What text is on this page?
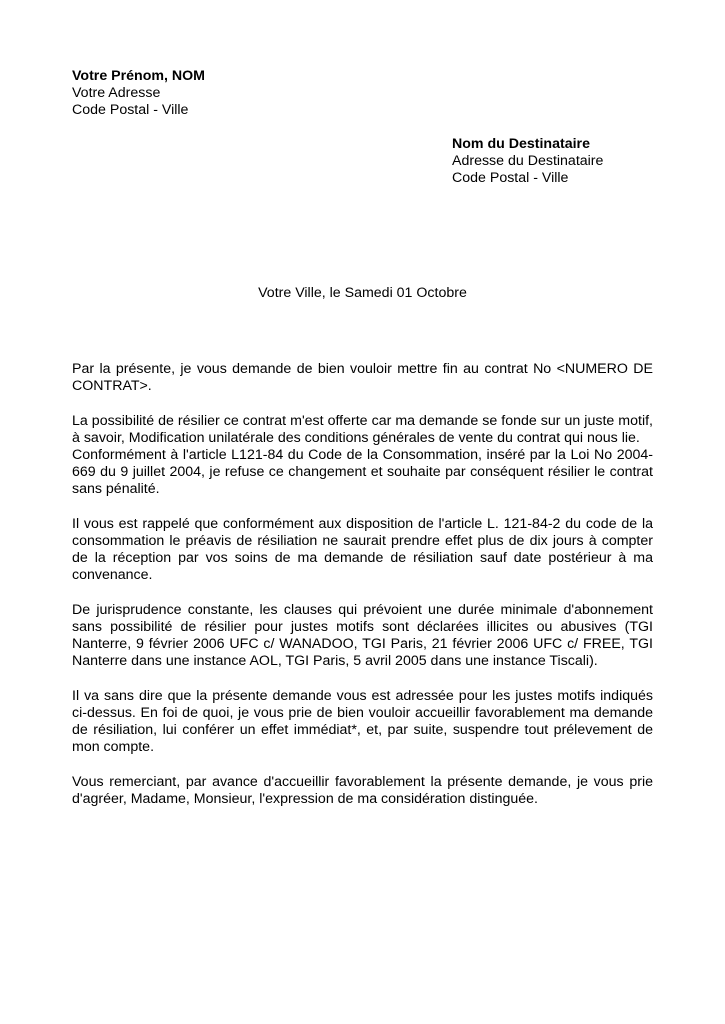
Votre Prénom, NOM
Votre Adresse
Code Postal - Ville
Nom du Destinataire
Adresse du Destinataire
Code Postal - Ville
Votre Ville, le Samedi 01 Octobre

Par la présente, je vous demande de bien vouloir mettre fin au contrat No <NUMERO DE CONTRAT>.

La possibilité de résilier ce contrat m'est offerte car ma demande se fonde sur un juste motif, à savoir, Modification unilatérale des conditions générales de vente du contrat qui nous lie.

Conformément à l'article L121-84 du Code de la Consommation, inséré par la Loi No 2004-669 du 9 juillet 2004, je refuse ce changement et souhaite par conséquent résilier le contrat sans pénalité.

Il vous est rappelé que conformément aux disposition de l'article L. 121-84-2 du code de la consommation le préavis de résiliation ne saurait prendre effet plus de dix jours à compter de la réception par vos soins de ma demande de résiliation sauf date postérieur à ma convenance.

De jurisprudence constante, les clauses qui prévoient une durée minimale d'abonnement sans possibilité de résilier pour justes motifs sont déclarées illicites ou abusives (TGI Nanterre, 9 février 2006 UFC c/ WANADOO, TGI Paris, 21 février 2006 UFC c/ FREE, TGI Nanterre dans une instance AOL, TGI Paris, 5 avril 2005 dans une instance Tiscali).

Il va sans dire que la présente demande vous est adressée pour les justes motifs indiqués ci-dessus. En foi de quoi, je vous prie de bien vouloir accueillir favorablement ma demande de résiliation, lui conférer un effet immédiat*, et, par suite, suspendre tout prélevement de mon compte.

Vous remerciant, par avance d'accueillir favorablement la présente demande, je vous prie d'agréer, Madame, Monsieur, l'expression de ma considération distinguée.
